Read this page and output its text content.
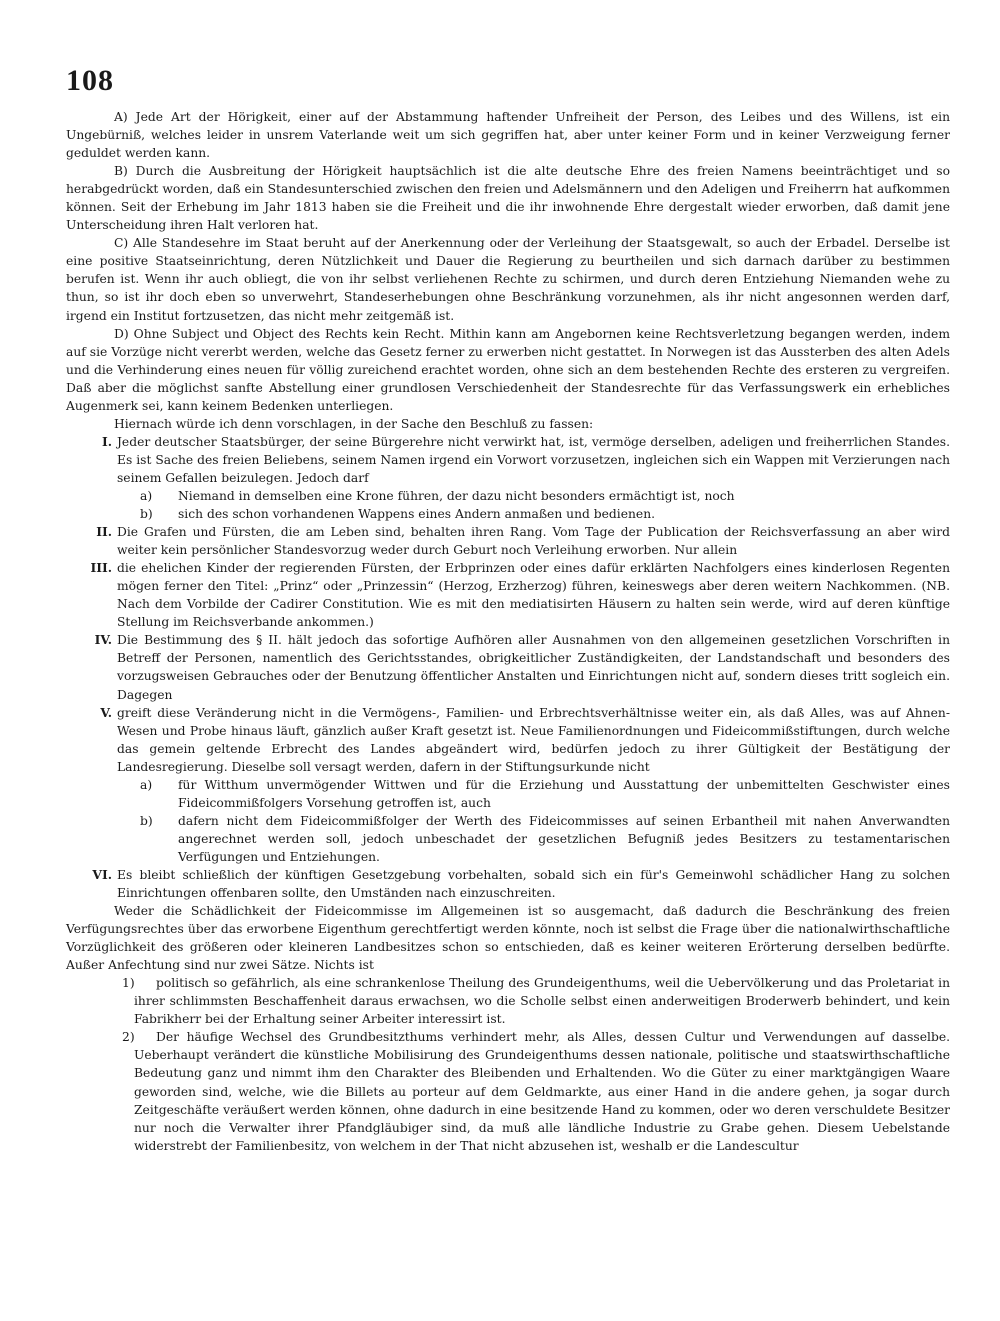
108

A) Jede Art der Hörigkeit, einer auf der Abstammung haftender Unfreiheit der Person, des Leibes und des Willens, ist ein Ungebürniß, welches leider in unsrem Vaterlande weit um sich gegriffen hat, aber unter keiner Form und in keiner Verzweigung ferner geduldet werden kann.

B) Durch die Ausbreitung der Hörigkeit hauptsächlich ist die alte deutsche Ehre des freien Namens beeinträchtiget und so herabgedrückt worden, daß ein Standesunterschied zwischen den freien und Adelsmännern und den Adeligen und Freiherrn hat aufkommen können. Seit der Erhebung im Jahr 1813 haben sie die Freiheit und die ihr inwohnende Ehre dergestalt wieder erworben, daß damit jene Unterscheidung ihren Halt verloren hat.

C) Alle Standesehre im Staat beruht auf der Anerkennung oder der Verleihung der Staatsgewalt, so auch der Erbadel. Derselbe ist eine positive Staatseinrichtung, deren Nützlichkeit und Dauer die Regierung zu beurtheilen und sich darnach darüber zu bestimmen berufen ist. Wenn ihr auch obliegt, die von ihr selbst verliehenen Rechte zu schirmen, und durch deren Entziehung Niemanden wehe zu thun, so ist ihr doch eben so unverwehrt, Standeserhebungen ohne Beschränkung vorzunehmen, als ihr nicht angesonnen werden darf, irgend ein Institut fortzusetzen, das nicht mehr zeitgemäß ist.

D) Ohne Subject und Object des Rechts kein Recht. Mithin kann am Angebornen keine Rechtsverletzung begangen werden, indem auf sie Vorzüge nicht vererbt werden, welche das Gesetz ferner zu erwerben nicht gestattet. In Norwegen ist das Aussterben des alten Adels und die Verhinderung eines neuen für völlig zureichend erachtet worden, ohne sich an dem bestehenden Rechte des ersteren zu vergreifen. Daß aber die möglichst sanfte Abstellung einer grundlosen Verschiedenheit der Standesrechte für das Verfassungswerk ein erhebliches Augenmerk sei, kann keinem Bedenken unterliegen.

Hiernach würde ich denn vorschlagen, in der Sache den Beschluß zu fassen:

I. Jeder deutscher Staatsbürger, der seine Bürgerehre nicht verwirkt hat, ist, vermöge derselben, adeligen und freiherrlichen Standes. Es ist Sache des freien Beliebens, seinem Namen irgend ein Vorwort vorzusetzen, ingleichen sich ein Wappen mit Verzierungen nach seinem Gefallen beizulegen. Jedoch darf
a)	Niemand in demselben eine Krone führen, der dazu nicht besonders ermächtigt ist, noch
b)	sich des schon vorhandenen Wappens eines Andern anmaßen und bedienen.
II. Die Grafen und Fürsten, die am Leben sind, behalten ihren Rang. Vom Tage der Publication der Reichsverfassung an aber wird weiter kein persönlicher Standesvorzug weder durch Geburt noch Verleihung erworben. Nur allein
III. die ehelichen Kinder der regierenden Fürsten, der Erbprinzen oder eines dafür erklärten Nachfolgers eines kinderlosen Regenten mögen ferner den Titel: „Prinz“ oder „Prinzessin“ (Herzog, Erzherzog) führen, keineswegs aber deren weitern Nachkommen. (NB. Nach dem Vorbilde der Cadirer Constitution. Wie es mit den mediatisirten Häusern zu halten sein werde, wird auf deren künftige Stellung im Reichsverbande ankommen.)
IV. Die Bestimmung des § II. hält jedoch das sofortige Aufhören aller Ausnahmen von den allgemeinen gesetzlichen Vorschriften in Betreff der Personen, namentlich des Gerichtsstandes, obrigkeitlicher Zuständigkeiten, der Landstandschaft und besonders des vorzugsweisen Gebrauches oder der Benutzung öffentlicher Anstalten und Einrichtungen nicht auf, sondern dieses tritt sogleich ein. Dagegen
V. greift diese Veränderung nicht in die Vermögens-, Familien- und Erbrechtsverhältnisse weiter ein, als daß Alles, was auf Ahnen-Wesen und Probe hinaus läuft, gänzlich außer Kraft gesetzt ist. Neue Familienordnungen und Fideicommißstiftungen, durch welche das gemein geltende Erbrecht des Landes abgeändert wird, bedürfen jedoch zu ihrer Gültigkeit der Bestätigung der Landesregierung. Dieselbe soll versagt werden, dafern in der Stiftungsurkunde nicht
a)	für Witthum unvermögender Wittwen und für die Erziehung und Ausstattung der unbemittelten Geschwister eines Fideicommißfolgers Vorsehung getroffen ist, auch
b)	dafern nicht dem Fideicommißfolger der Werth des Fideicommisses auf seinen Erbantheil mit nahen Anverwandten angerechnet werden soll, jedoch unbeschadet der gesetzlichen Befugniß jedes Besitzers zu testamentarischen Verfügungen und Entziehungen.
VI. Es bleibt schließlich der künftigen Gesetzgebung vorbehalten, sobald sich ein für's Gemeinwohl schädlicher Hang zu solchen Einrichtungen offenbaren sollte, den Umständen nach einzuschreiten.

Weder die Schädlichkeit der Fideicommisse im Allgemeinen ist so ausgemacht, daß dadurch die Beschränkung des freien Verfügungsrechtes über das erworbene Eigenthum gerechtfertigt werden könnte, noch ist selbst die Frage über die nationalwirthschaftliche Vorzüglichkeit des größeren oder kleineren Landbesitzes schon so entschieden, daß es keiner weiteren Erörterung derselben bedürfte. Außer Anfechtung sind nur zwei Sätze. Nichts ist

1)	politisch so gefährlich, als eine schrankenlose Theilung des Grundeigenthums, weil die Uebervölkerung und das Proletariat in ihrer schlimmsten Beschaffenheit daraus erwachsen, wo die Scholle selbst einen anderweitigen Broderwerb behindert, und kein Fabrikherr bei der Erhaltung seiner Arbeiter interessirt ist.
2)	Der häufige Wechsel des Grundbesitzthums verhindert mehr, als Alles, dessen Cultur und Verwendungen auf dasselbe. Ueberhaupt verändert die künstliche Mobilisirung des Grundeigenthums dessen nationale, politische und staatswirthschaftliche Bedeutung ganz und nimmt ihm den Charakter des Bleibenden und Erhaltenden. Wo die Güter zu einer marktgängigen Waare geworden sind, welche, wie die Billets au porteur auf dem Geldmarkte, aus einer Hand in die andere gehen, ja sogar durch Zeitgeschäfte veräußert werden können, ohne dadurch in eine besitzende Hand zu kommen, oder wo deren verschuldete Besitzer nur noch die Verwalter ihrer Pfandgläubiger sind, da muß alle ländliche Industrie zu Grabe gehen. Diesem Uebelstande widerstrebt der Familienbesitz, von welchem in der That nicht abzusehen ist, weshalb er die Landescultur
